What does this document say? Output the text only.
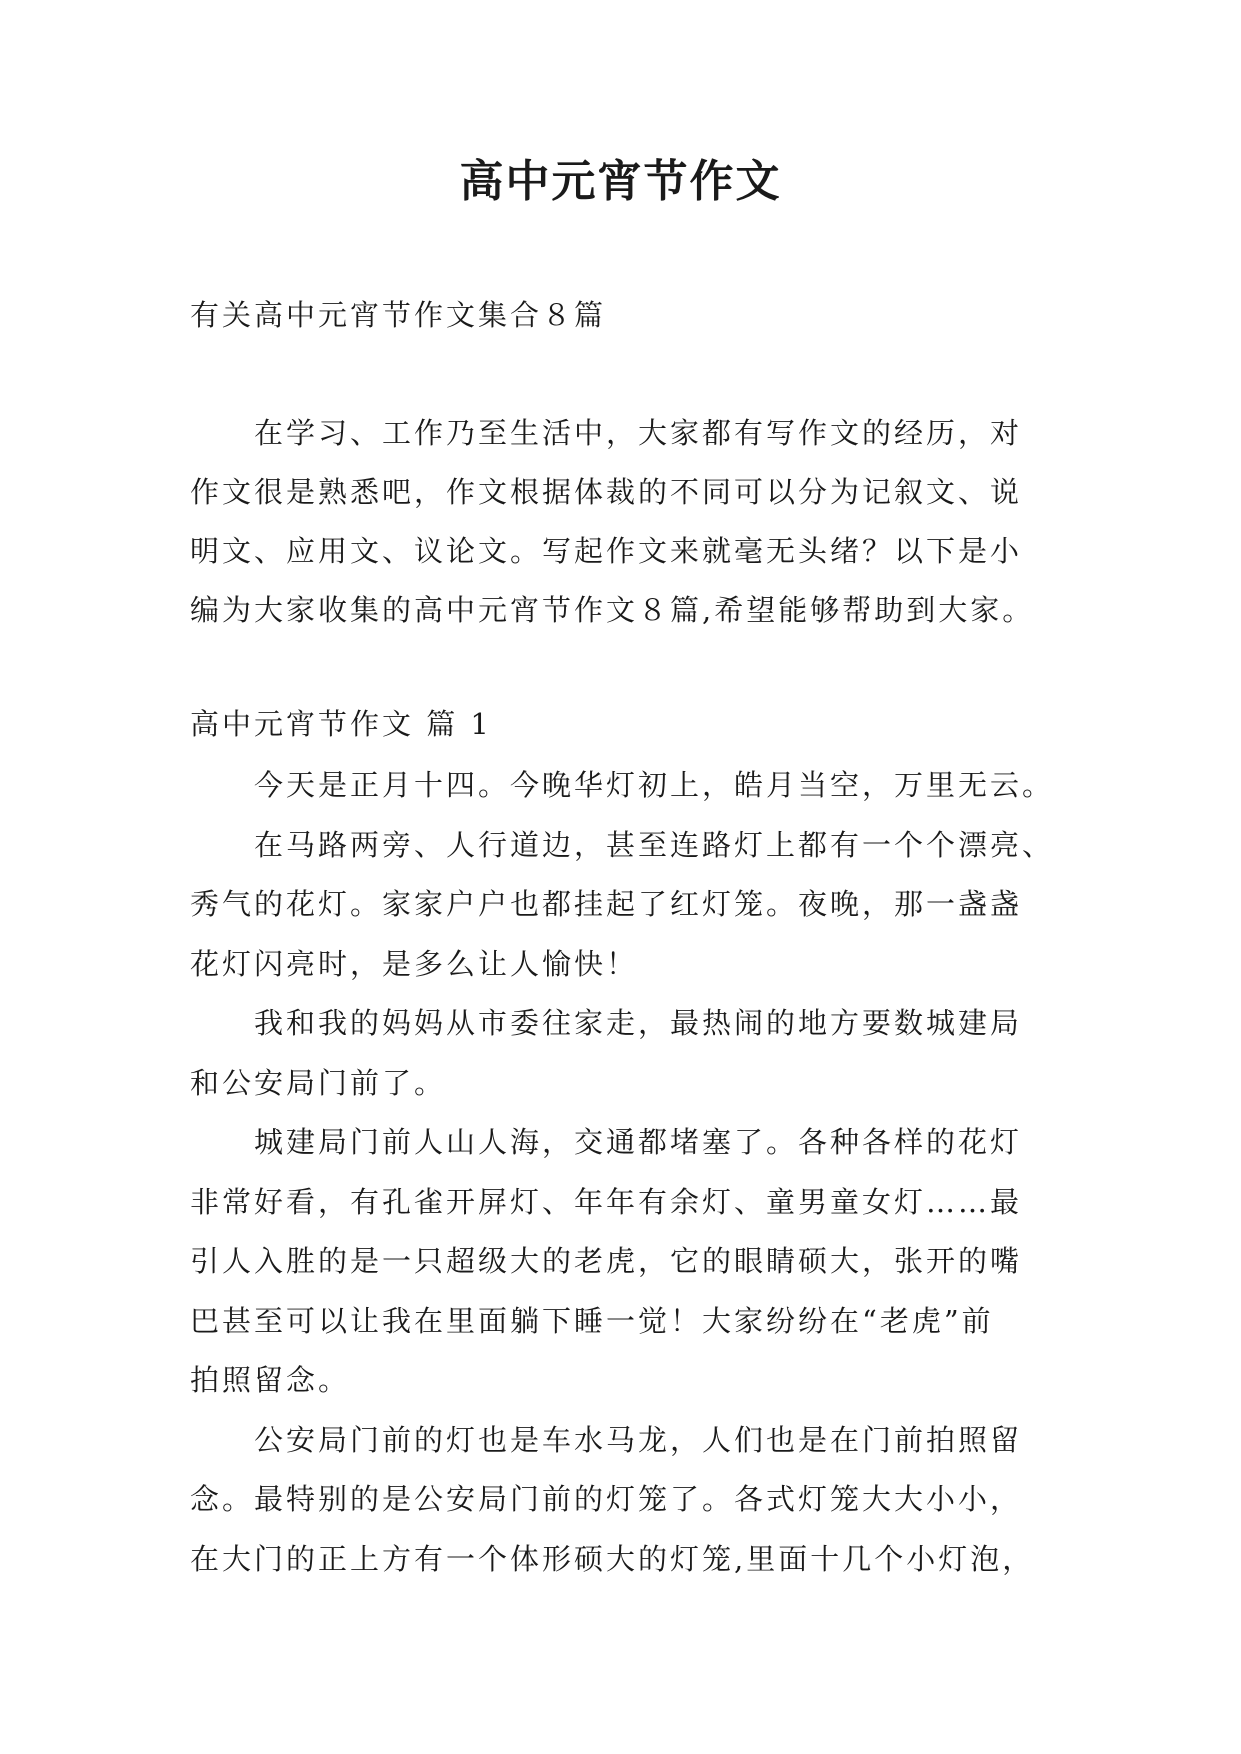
高中元宵节作文

有关高中元宵节作文集合８篇

在学习、工作乃至生活中，大家都有写作文的经历，对
作文很是熟悉吧，作文根据体裁的不同可以分为记叙文、说
明文、应用文、议论文。写起作文来就毫无头绪？以下是小
编为大家收集的高中元宵节作文８篇,希望能够帮助到大家。

高中元宵节作文 篇 1

今天是正月十四。今晚华灯初上，皓月当空，万里无云。
在马路两旁、人行道边，甚至连路灯上都有一个个漂亮、
秀气的花灯。家家户户也都挂起了红灯笼。夜晚，那一盏盏
花灯闪亮时，是多么让人愉快！
我和我的妈妈从市委往家走，最热闹的地方要数城建局
和公安局门前了。
城建局门前人山人海，交通都堵塞了。各种各样的花灯
非常好看，有孔雀开屏灯、年年有余灯、童男童女灯……最
引人入胜的是一只超级大的老虎，它的眼睛硕大，张开的嘴
巴甚至可以让我在里面躺下睡一觉！大家纷纷在“老虎”前
拍照留念。
公安局门前的灯也是车水马龙，人们也是在门前拍照留
念。最特别的是公安局门前的灯笼了。各式灯笼大大小小，
在大门的正上方有一个体形硕大的灯笼,里面十几个小灯泡，
